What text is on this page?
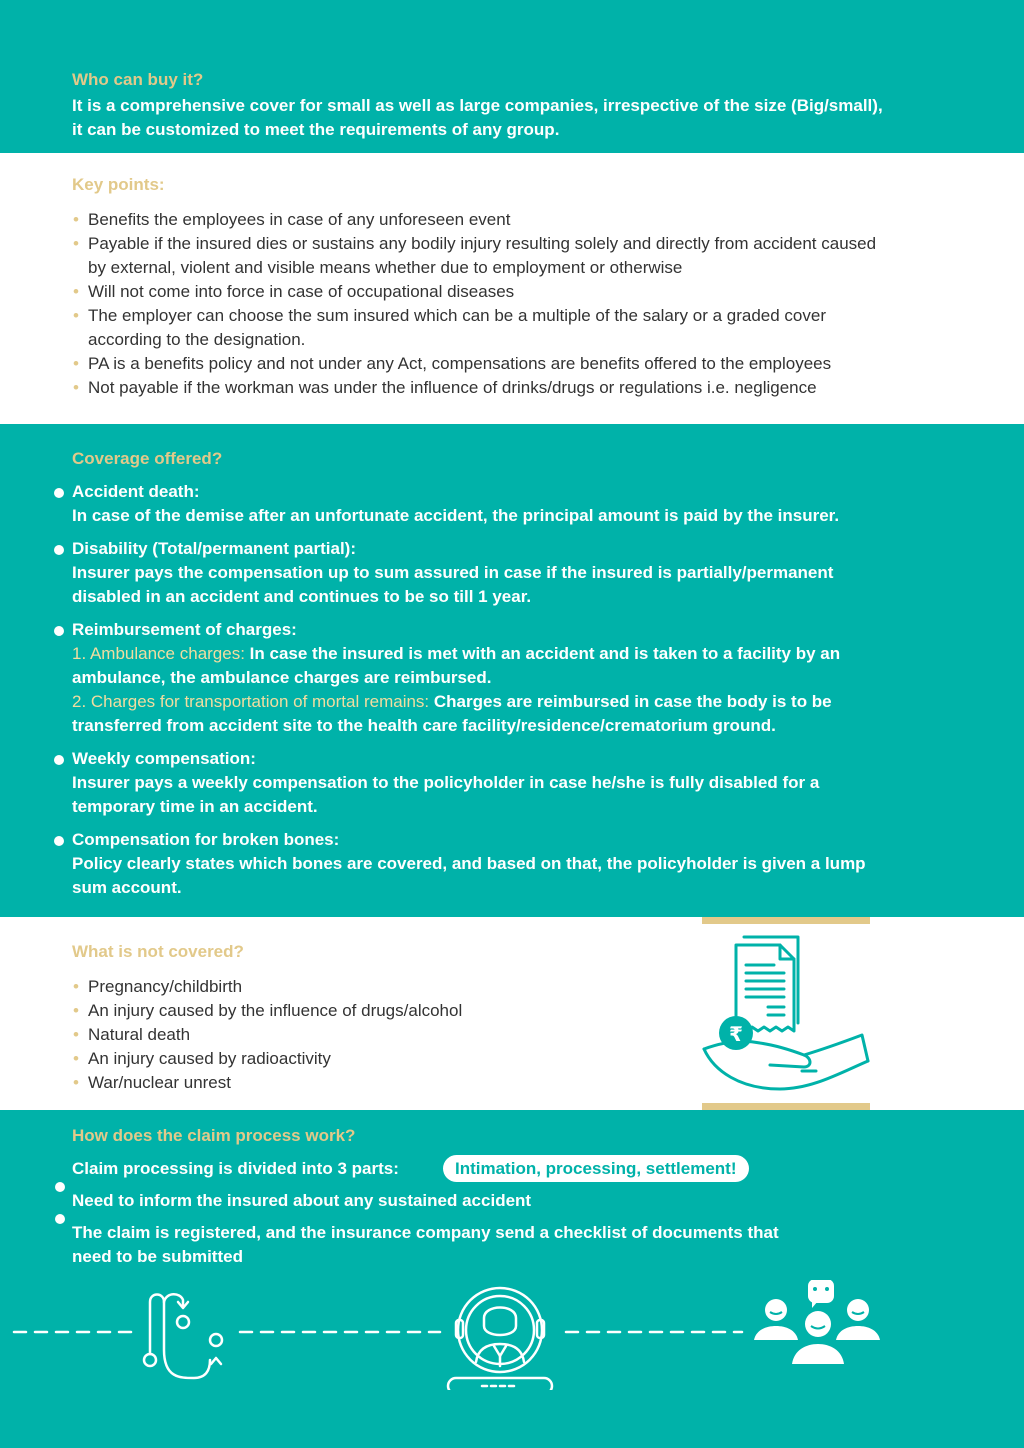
Who can buy it?
It is a comprehensive cover for small as well as large companies, irrespective of the size (Big/small),
it can be customized to meet the requirements of any group.
Key points:
• Benefits the employees in case of any unforeseen event
• Payable if the insured dies or sustains any bodily injury resulting solely and directly from accident caused
by external, violent and visible means whether due to employment or otherwise
• Will not come into force in case of occupational diseases
• The employer can choose the sum insured which can be a multiple of the salary or a graded cover
according to the designation.
• PA is a benefits policy and not under any Act, compensations are benefits offered to the employees
• Not payable if the workman was under the influence of drinks/drugs or regulations i.e. negligence
Coverage offered?
Accident death:
In case of the demise after an unfortunate accident, the principal amount is paid by the insurer.
Disability (Total/permanent partial):
Insurer pays the compensation up to sum assured in case if the insured is partially/permanent
disabled in an accident and continues to be so till 1 year.
Reimbursement of charges:
1. Ambulance charges: In case the insured is met with an accident and is taken to a facility by an
ambulance, the ambulance charges are reimbursed.
2. Charges for transportation of mortal remains: Charges are reimbursed in case the body is to be
transferred from accident site to the health care facility/residence/crematorium ground.
Weekly compensation:
Insurer pays a weekly compensation to the policyholder in case he/she is fully disabled for a
temporary time in an accident.
Compensation for broken bones:
Policy clearly states which bones are covered, and based on that, the policyholder is given a lump
sum account.
What is not covered?
• Pregnancy/childbirth
• An injury caused by the influence of drugs/alcohol
• Natural death
• An injury caused by radioactivity
• War/nuclear unrest
₹
How does the claim process work?
Claim processing is divided into 3 parts:	Intimation, processing, settlement!
Need to inform the insured about any sustained accident
The claim is registered, and the insurance company send a checklist of documents that
need to be submitted
